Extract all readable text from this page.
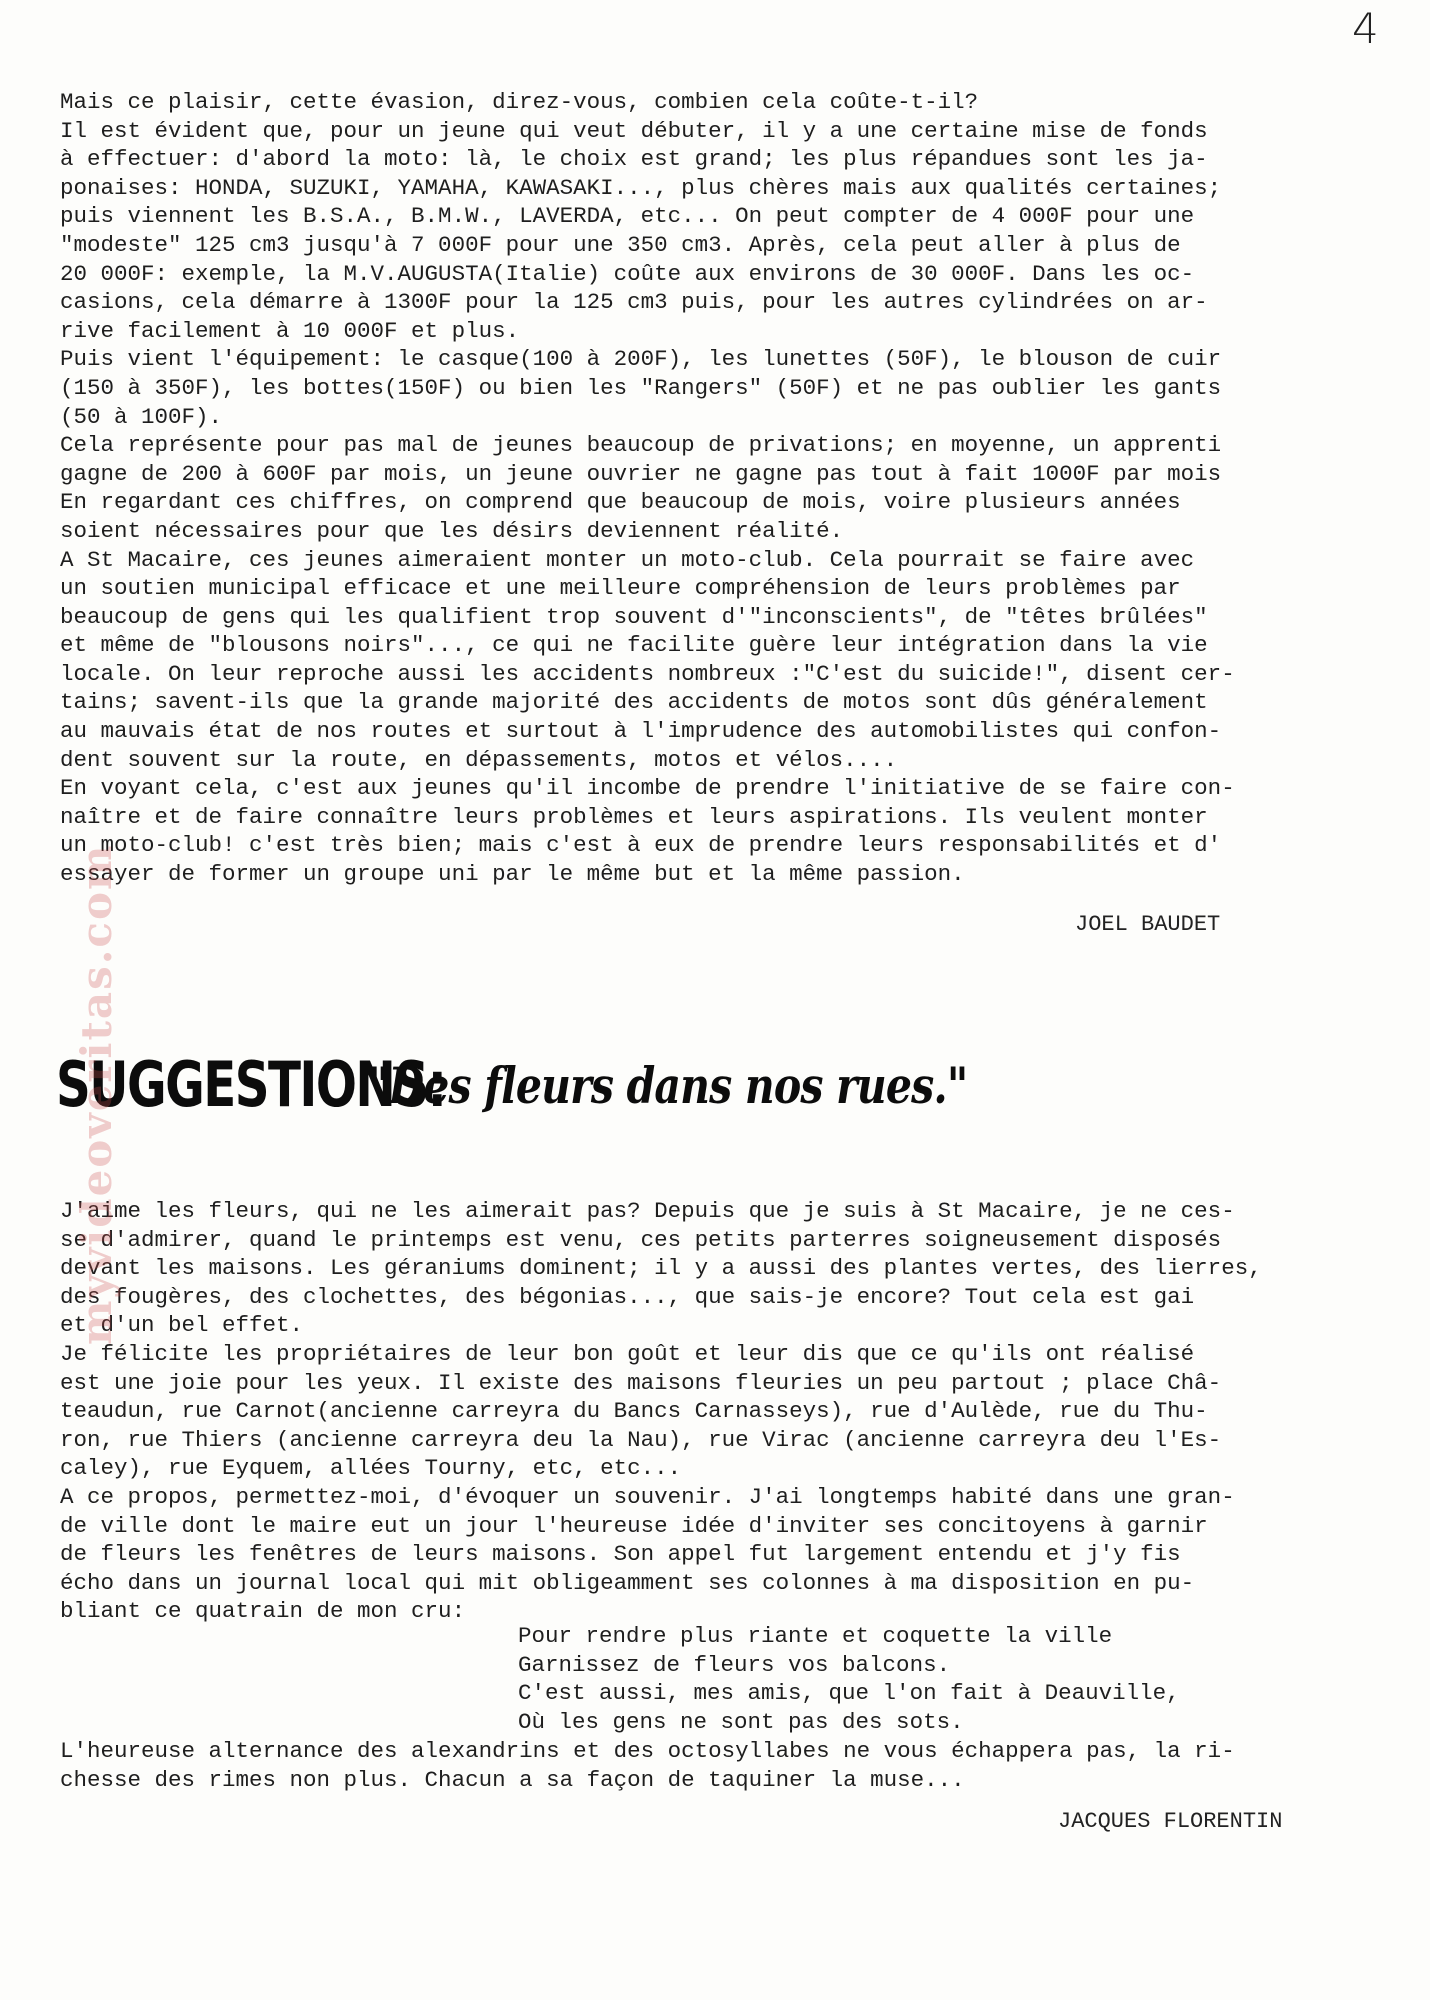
4
Mais ce plaisir, cette évasion, direz-vous, combien cela coûte-t-il?
Il est évident que, pour un jeune qui veut débuter, il y a une certaine mise de fonds
à effectuer: d'abord la moto: là, le choix est grand; les plus répandues sont les ja-
ponaises: HONDA, SUZUKI, YAMAHA, KAWASAKI..., plus chères mais aux qualités certaines;
puis viennent les B.S.A., B.M.W., LAVERDA, etc... On peut compter de 4 000F pour une
"modeste" 125 cm3 jusqu'à 7 000F pour une 350 cm3. Après, cela peut aller à plus de
20 000F: exemple, la M.V.AUGUSTA(Italie) coûte aux environs de 30 000F. Dans les oc-
casions, cela démarre à 1300F pour la 125 cm3 puis, pour les autres cylindrées on ar-
rive facilement à 10 000F et plus.
Puis vient l'équipement: le casque(100 à 200F), les lunettes (50F), le blouson de cuir
(150 à 350F), les bottes(150F) ou bien les "Rangers" (50F) et ne pas oublier les gants
(50 à 100F).
Cela représente pour pas mal de jeunes beaucoup de privations; en moyenne, un apprenti
gagne de 200 à 600F par mois, un jeune ouvrier ne gagne pas tout à fait 1000F par mois
En regardant ces chiffres, on comprend que beaucoup de mois, voire plusieurs années
soient nécessaires pour que les désirs deviennent réalité.
A St Macaire, ces jeunes aimeraient monter un moto-club. Cela pourrait se faire avec
un soutien municipal efficace et une meilleure compréhension de leurs problèmes par
beaucoup de gens qui les qualifient trop souvent d'"inconscients", de "têtes brûlées"
et même de "blousons noirs"..., ce qui ne facilite guère leur intégration dans la vie
locale. On leur reproche aussi les accidents nombreux :"C'est du suicide!", disent cer-
tains; savent-ils que la grande majorité des accidents de motos sont dûs généralement
au mauvais état de nos routes et surtout à l'imprudence des automobilistes qui confon-
dent souvent sur la route, en dépassements, motos et vélos....
En voyant cela, c'est aux jeunes qu'il incombe de prendre l'initiative de se faire con-
naître et de faire connaître leurs problèmes et leurs aspirations. Ils veulent monter
un moto-club! c'est très bien; mais c'est à eux de prendre leurs responsabilités et d'
essayer de former un groupe uni par le même but et la même passion.
JOEL BAUDET
SUGGESTIONS:
"Des fleurs dans nos rues."
J'aime les fleurs, qui ne les aimerait pas? Depuis que je suis à St Macaire, je ne ces-
se d'admirer, quand le printemps est venu, ces petits parterres soigneusement disposés
devant les maisons. Les géraniums dominent; il y a aussi des plantes vertes, des lierres,
des fougères, des clochettes, des bégonias..., que sais-je encore? Tout cela est gai
et d'un bel effet.
Je félicite les propriétaires de leur bon goût et leur dis que ce qu'ils ont réalisé
est une joie pour les yeux. Il existe des maisons fleuries un peu partout ; place Châ-
teaudun, rue Carnot(ancienne carreyra du Bancs Carnasseys), rue d'Aulède, rue du Thu-
ron, rue Thiers (ancienne carreyra deu la Nau), rue Virac (ancienne carreyra deu l'Es-
caley), rue Eyquem, allées Tourny, etc, etc...
A ce propos, permettez-moi, d'évoquer un souvenir. J'ai longtemps habité dans une gran-
de ville dont le maire eut un jour l'heureuse idée d'inviter ses concitoyens à garnir
de fleurs les fenêtres de leurs maisons. Son appel fut largement entendu et j'y fis
écho dans un journal local qui mit obligeamment ses colonnes à ma disposition en pu-
bliant ce quatrain de mon cru:
Pour rendre plus riante et coquette la ville
Garnissez de fleurs vos balcons.
C'est aussi, mes amis, que l'on fait à Deauville,
Où les gens ne sont pas des sots.
L'heureuse alternance des alexandrins et des octosyllabes ne vous échappera pas, la ri-
chesse des rimes non plus. Chacun a sa façon de taquiner la muse...
JACQUES FLORENTIN
myvideoveritas.com
